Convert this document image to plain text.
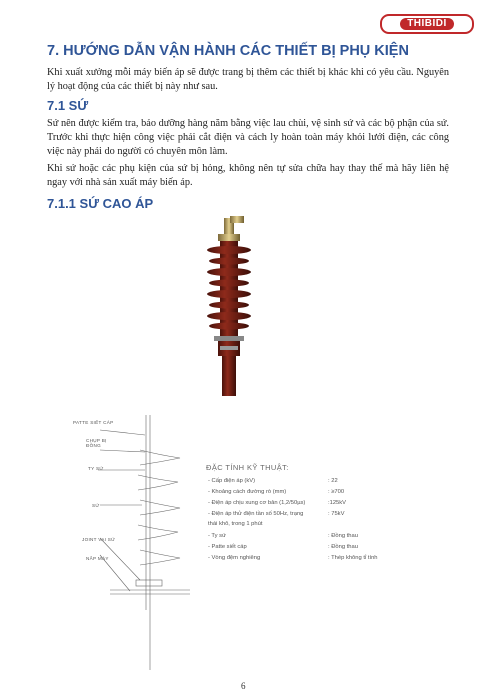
THIBIDI
7. HƯỚNG DẪN VẬN HÀNH CÁC THIẾT BỊ PHỤ KIỆN
Khi xuất xưởng mỗi máy biến áp sẽ được trang bị thêm các thiết bị khác khi có yêu cầu. Nguyên lý hoạt động của các thiết bị này như sau.
7.1 SỨ
Sứ nên được kiểm tra, bảo dưỡng hàng năm bằng việc lau chùi, vệ sinh sứ và các bộ phận của sứ. Trước khi thực hiện công việc phải cắt điện và cách ly hoàn toàn máy khỏi lưới điện, các công việc này phải do người có chuyên môn làm.
Khi sứ hoặc các phụ kiện của sứ bị hỏng, không nên tự sửa chữa hay thay thế mà hãy liên hệ ngay với nhà sản xuất máy biến áp.
7.1.1 SỨ CAO ÁP
PATTE SIẾT CÁP
CHỤP BỊ ĐỒNG
TY SỨ
SỨ
JOINT VAI SỨ
NẮP MÁY
ĐẶC TÍNH KỸ THUẬT:
- Cấp điện áp (kV)	: 22
- Khoảng cách đường rò (mm)	: ≥700
- Điện áp chịu xung cơ bản (1,2/50µs)	:125kV
- Điện áp thử điện tần số 50Hz, trạng	: 75kV
thái khô, trong 1 phút
- Ty sứ	: Đồng thau
- Patte siết cáp	: Đồng thau
- Vòng đệm nghiêng	: Thép không tỉ tính
6
